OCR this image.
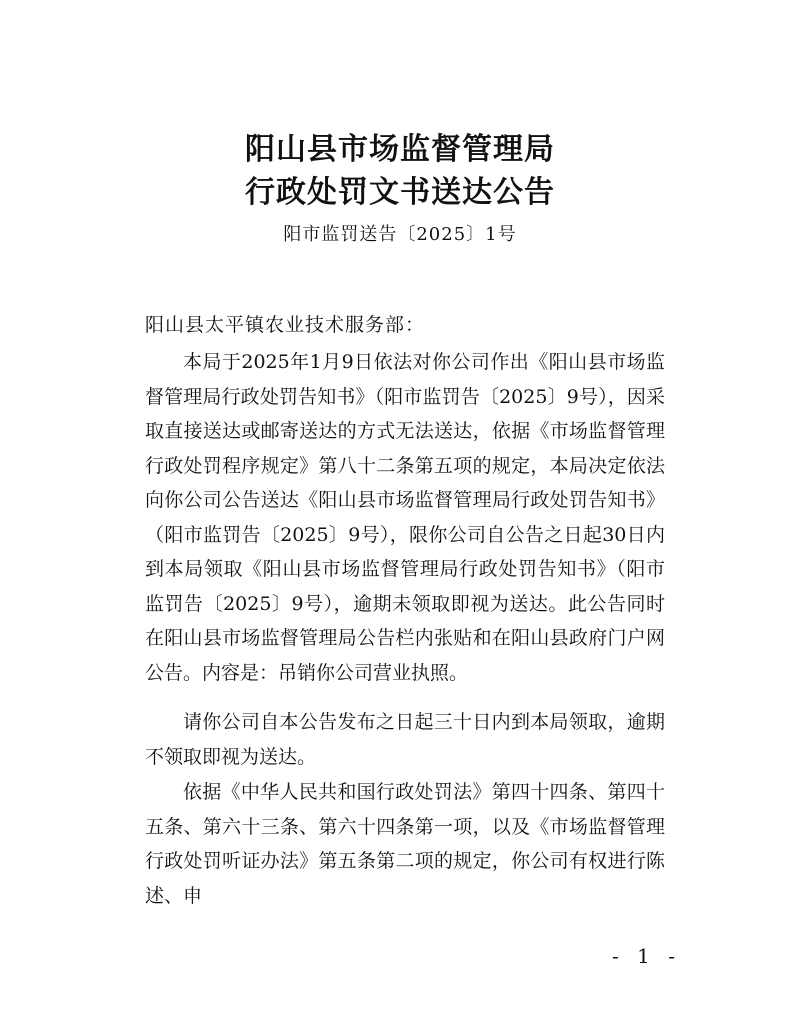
阳山县市场监督管理局
行政处罚文书送达公告
阳市监罚送告〔2025〕1号
阳山县太平镇农业技术服务部：

本局于2025年1月9日依法对你公司作出《阳山县市场监督管理局行政处罚告知书》（阳市监罚告〔2025〕9号），因采取直接送达或邮寄送达的方式无法送达，依据《市场监督管理行政处罚程序规定》第八十二条第五项的规定，本局决定依法向你公司公告送达《阳山县市场监督管理局行政处罚告知书》（阳市监罚告〔2025〕9号），限你公司自公告之日起30日内到本局领取《阳山县市场监督管理局行政处罚告知书》（阳市监罚告〔2025〕9号），逾期未领取即视为送达。此公告同时在阳山县市场监督管理局公告栏内张贴和在阳山县政府门户网公告。内容是：吊销你公司营业执照。

请你公司自本公告发布之日起三十日内到本局领取，逾期不领取即视为送达。

依据《中华人民共和国行政处罚法》第四十四条、第四十五条、第六十三条、第六十四条第一项，以及《市场监督管理行政处罚听证办法》第五条第二项的规定，你公司有权进行陈述、申

- 1 -
